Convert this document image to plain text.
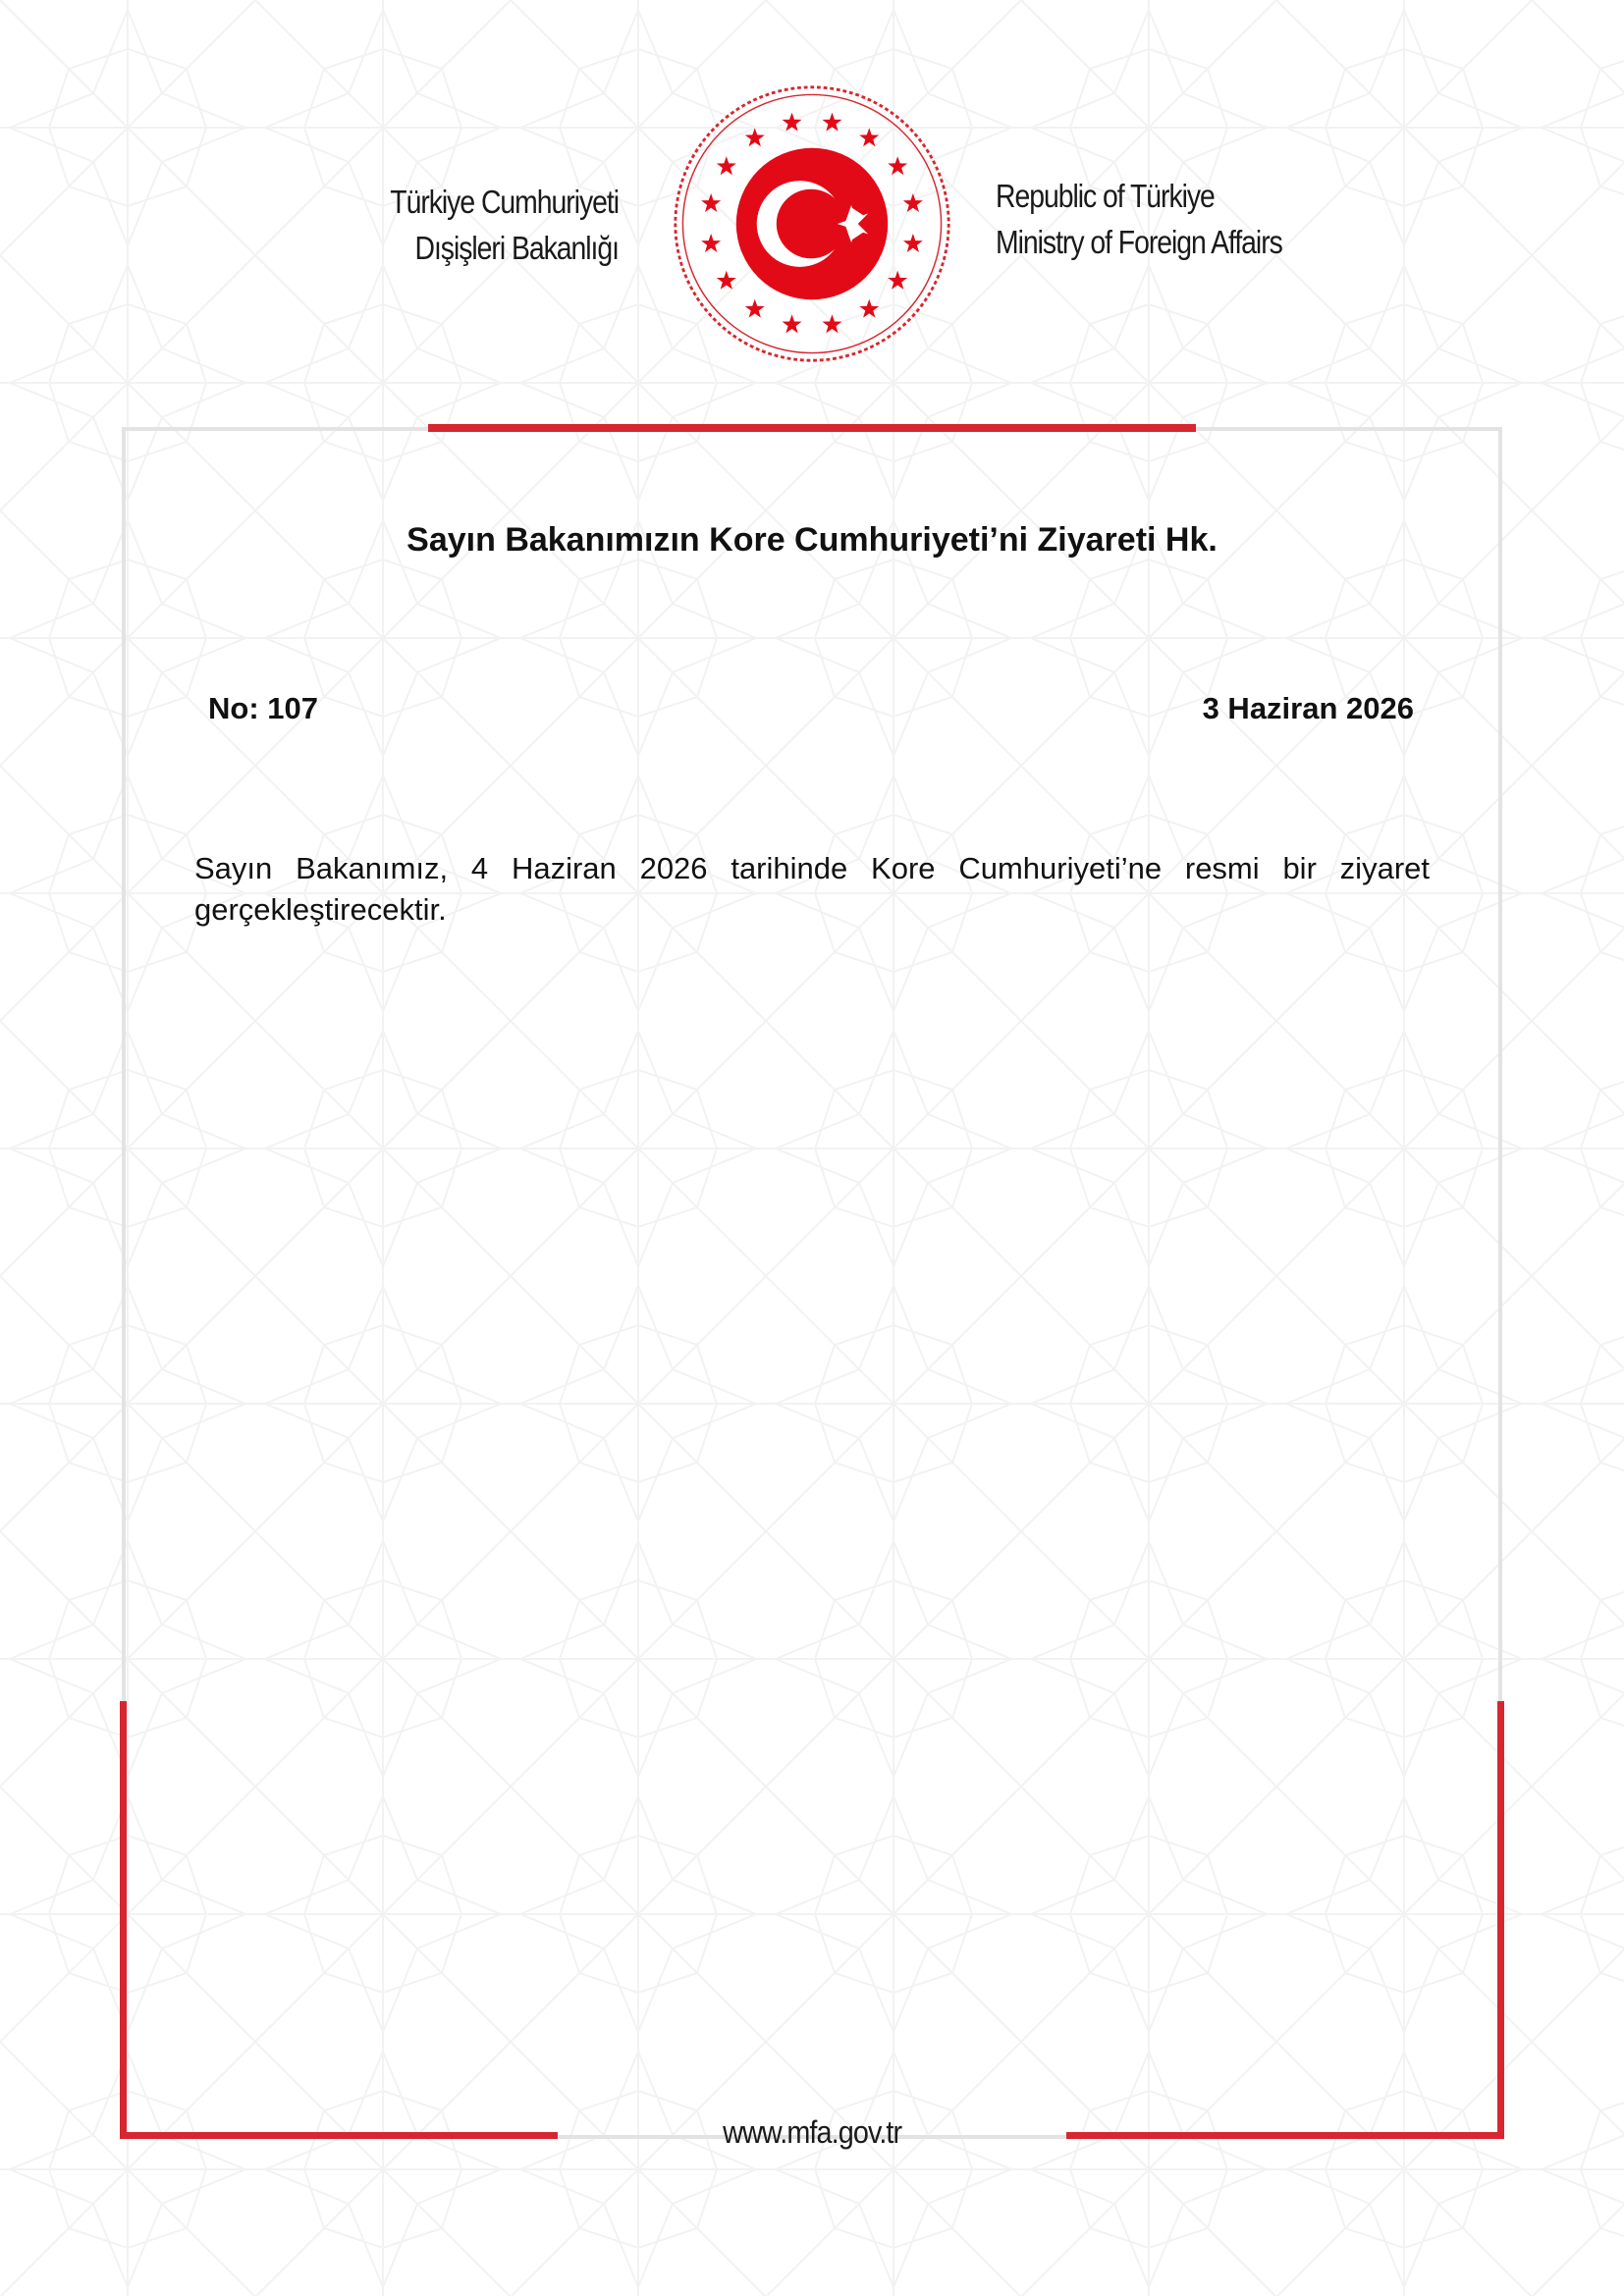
Türkiye Cumhuriyeti
Dışişleri Bakanlığı
Republic of Türkiye
Ministry of Foreign Affairs
Sayın Bakanımızın Kore Cumhuriyeti’ni Ziyareti Hk.
No: 107	3 Haziran 2026
Sayın Bakanımız, 4 Haziran 2026 tarihinde Kore Cumhuriyeti’ne resmi bir ziyaret gerçekleştirecektir.
www.mfa.gov.tr
